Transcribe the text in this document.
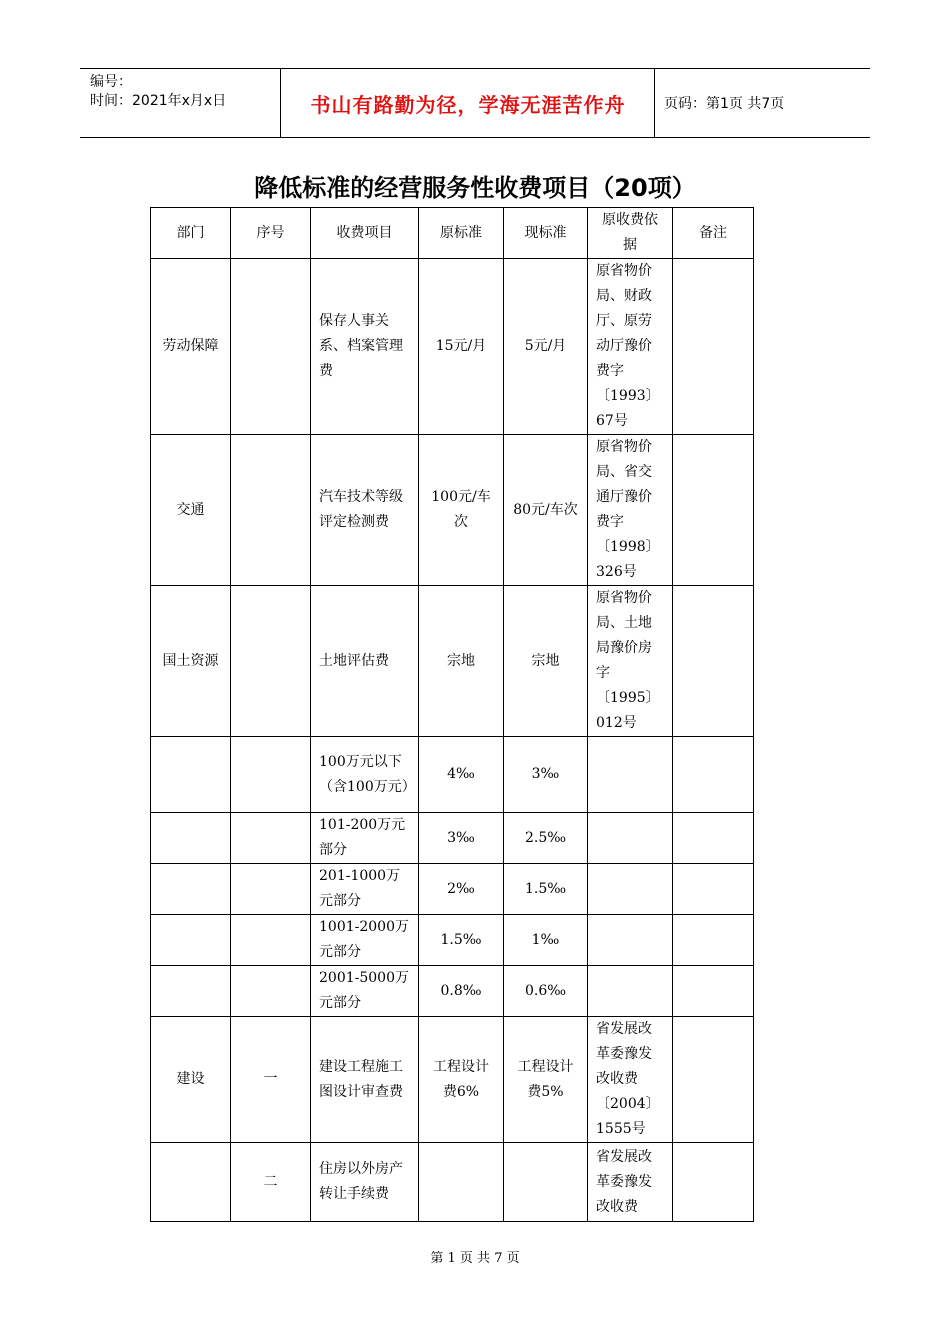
编号：
时间：2021年x月x日	书山有路勤为径，学海无涯苦作舟	页码：第1页 共7页
降低标准的经营服务性收费项目（20项）
部门	序号	收费项目	原标准	现标准	原收费依据	备注
劳动保障		保存人事关系、档案管理费	15元/月	5元/月	原省物价局、财政厅、原劳动厅豫价费字〔1993〕67号	
交通		汽车技术等级评定检测费	100元/车次	80元/车次	原省物价局、省交通厅豫价费字〔1998〕326号	
国土资源		土地评估费	宗地	宗地	原省物价局、土地局豫价房字〔1995〕012号	
		100万元以下（含100万元）	4‰	3‰		
		101-200万元部分	3‰	2.5‰		
		201-1000万元部分	2‰	1.5‰		
		1001-2000万元部分	1.5‰	1‰		
		2001-5000万元部分	0.8‰	0.6‰		
建设	一	建设工程施工图设计审查费	工程设计费6%	工程设计费5%	省发展改革委豫发改收费〔2004〕1555号	
	二	住房以外房产转让手续费			省发展改革委豫发改收费	
第 1 页 共 7 页
